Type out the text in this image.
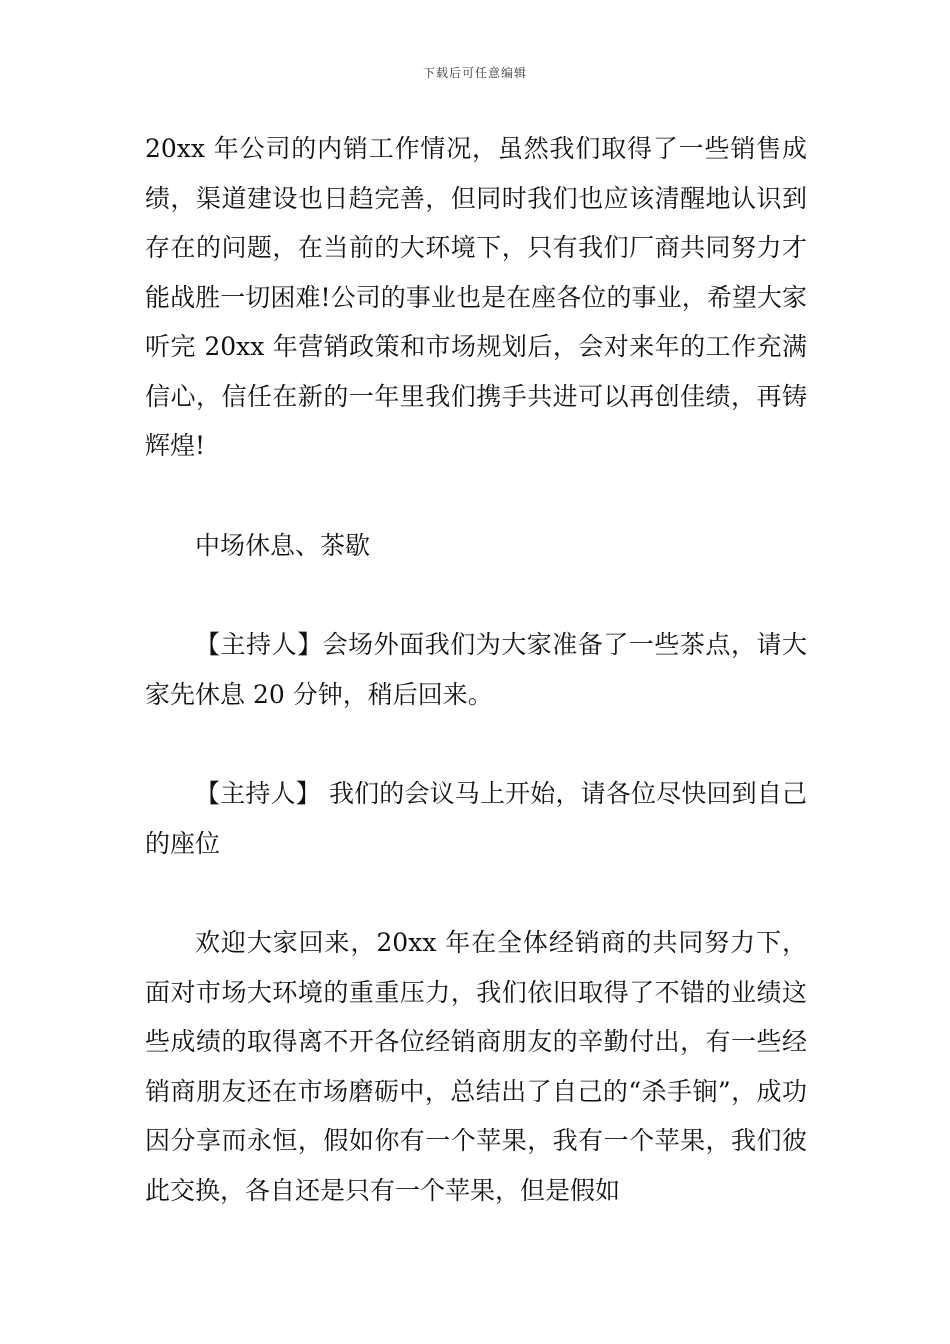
下载后可任意编辑

20xx 年公司的内销工作情况，虽然我们取得了一些销售成绩，渠道建设也日趋完善，但同时我们也应该清醒地认识到存在的问题，在当前的大环境下，只有我们厂商共同努力才能战胜一切困难!公司的事业也是在座各位的事业，希望大家听完 20xx 年营销政策和市场规划后，会对来年的工作充满信心，信任在新的一年里我们携手共进可以再创佳绩，再铸辉煌!

中场休息、茶歇

【主持人】会场外面我们为大家准备了一些茶点，请大家先休息 20 分钟，稍后回来。

【主持人】 我们的会议马上开始，请各位尽快回到自己的座位

欢迎大家回来，20xx 年在全体经销商的共同努力下，面对市场大环境的重重压力，我们依旧取得了不错的业绩这些成绩的取得离不开各位经销商朋友的辛勤付出，有一些经销商朋友还在市场磨砺中，总结出了自己的“杀手锏”，成功因分享而永恒，假如你有一个苹果，我有一个苹果，我们彼此交换，各自还是只有一个苹果，但是假如
